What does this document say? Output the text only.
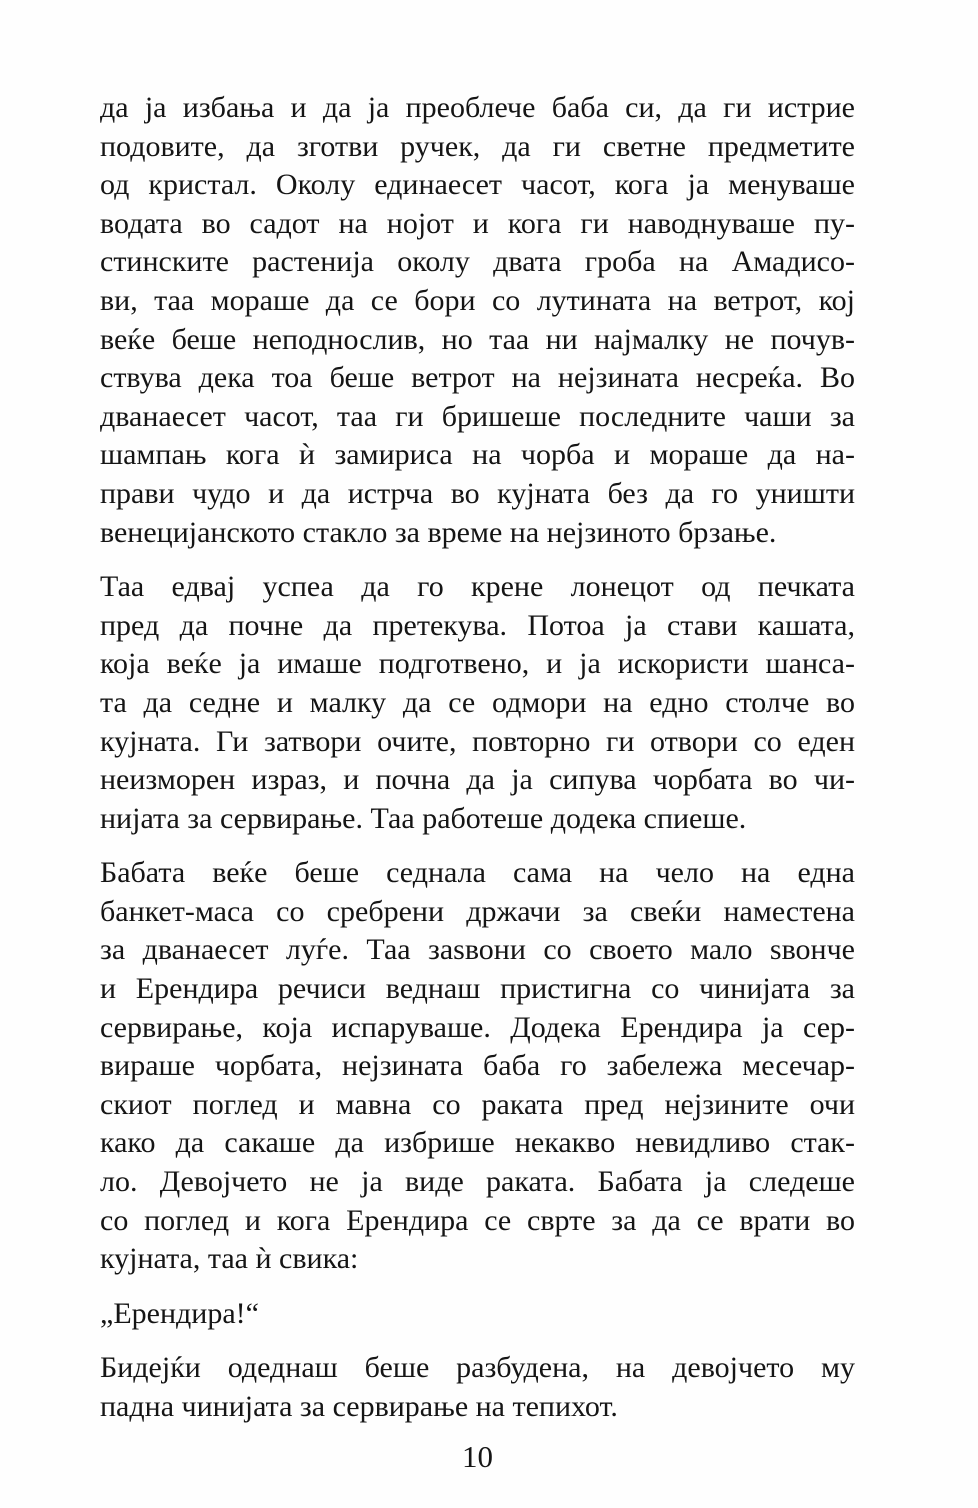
да ја избања и да ја преоблече баба си, да ги истрие
подовите, да зготви ручек, да ги светне предметите
од кристал. Околу единаесет часот, кога ја менуваше
водата во садот на нојот и кога ги наводнуваше пу-
стинските растенија околу двата гроба на Амадисо-
ви, таа мораше да се бори со лутината на ветрот, кој
веќе беше неподнослив, но таа ни најмалку не почув-
ствува дека тоа беше ветрот на нејзината несреќа. Во
дванаесет часот, таа ги бришеше последните чаши за
шампањ кога ѝ замириса на чорба и мораше да на-
прави чудо и да истрча во кујната без да го уништи
венецијанското стакло за време на нејзиното брзање.

Таа едвај успеа да го крене лонецот од печката
пред да почне да претекува. Потоа ја стави кашата,
која веќе ја имаше подготвено, и ја искористи шанса-
та да седне и малку да се одмори на едно столче во
кујната. Ги затвори очите, повторно ги отвори со еден
неизморен израз, и почна да ја сипува чорбата во чи-
нијата за сервирање. Таа работеше додека спиеше.

Бабата веќе беше седнала сама на чело на една
банкет-маса со сребрени држачи за свеќи наместена
за дванаесет луѓе. Таа заѕвони со своето мало ѕвонче
и Ерендира речиси веднаш пристигна со чинијата за
сервирање, која испаруваше. Додека Ерендира ја сер-
вираше чорбата, нејзината баба го забележа месечар-
скиот поглед и мавна со раката пред нејзините очи
како да сакаше да избрише некакво невидливо стак-
ло. Девојчето не ја виде раката. Бабата ја следеше
со поглед и кога Ерендира се сврте за да се врати во
кујната, таа ѝ свика:

„Ерендира!“

Бидејќи одеднаш беше разбудена, на девојчето му
падна чинијата за сервирање на тепихот.

10
